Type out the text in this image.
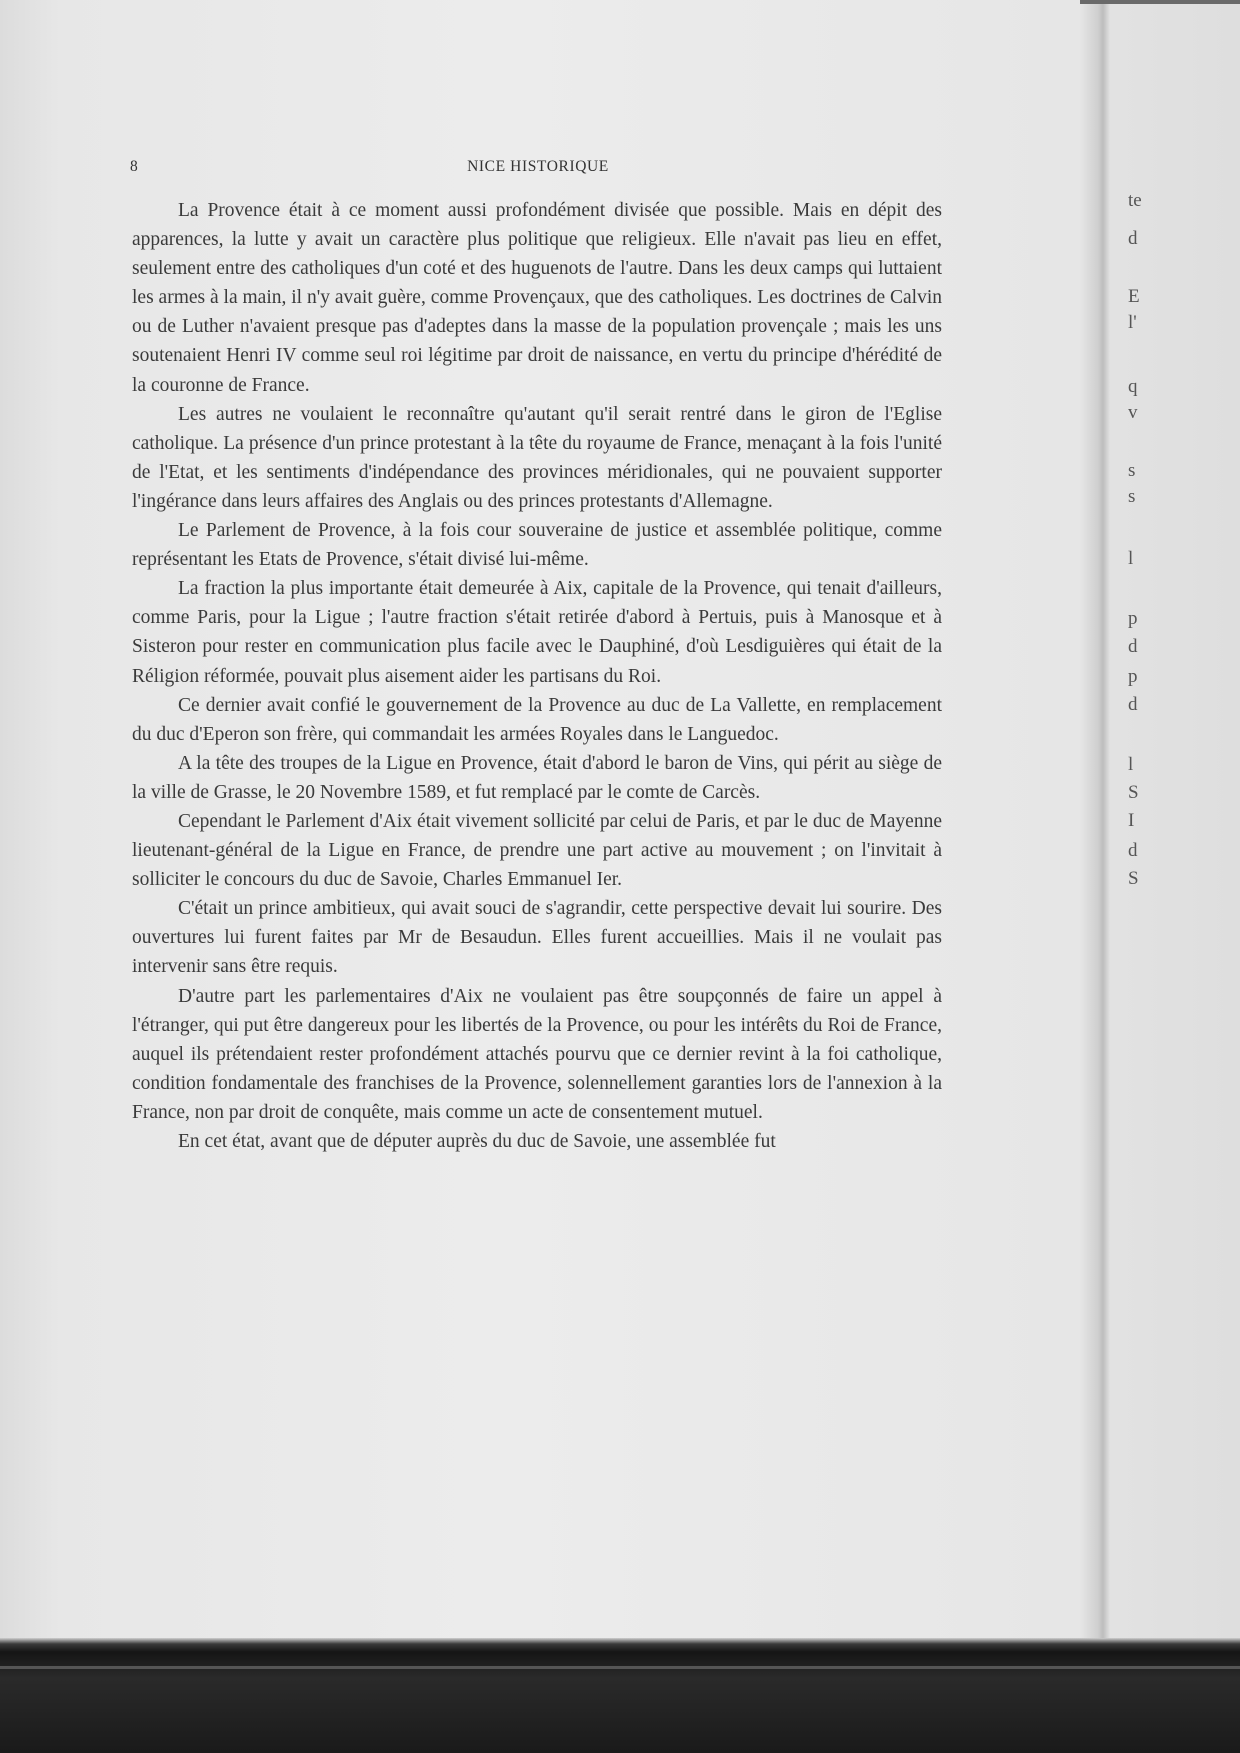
8	NICE HISTORIQUE

La Provence était à ce moment aussi profondément divisée que possible. Mais en dépit des apparences, la lutte y avait un caractère plus politique que religieux. Elle n'avait pas lieu en effet, seulement entre des catholiques d'un coté et des huguenots de l'autre. Dans les deux camps qui luttaient les armes à la main, il n'y avait guère, comme Provençaux, que des catholiques. Les doctrines de Calvin ou de Luther n'avaient presque pas d'adeptes dans la masse de la population provençale ; mais les uns soutenaient Henri IV comme seul roi légitime par droit de naissance, en vertu du principe d'hérédité de la couronne de France.

Les autres ne voulaient le reconnaître qu'autant qu'il serait rentré dans le giron de l'Eglise catholique. La présence d'un prince protestant à la tête du royaume de France, menaçant à la fois l'unité de l'Etat, et les sentiments d'indépendance des provinces méridionales, qui ne pouvaient supporter l'ingérance dans leurs affaires des Anglais ou des princes protestants d'Allemagne.

Le Parlement de Provence, à la fois cour souveraine de justice et assemblée politique, comme représentant les Etats de Provence, s'était divisé lui-même.

La fraction la plus importante était demeurée à Aix, capitale de la Provence, qui tenait d'ailleurs, comme Paris, pour la Ligue ; l'autre fraction s'était retirée d'abord à Pertuis, puis à Manosque et à Sisteron pour rester en communication plus facile avec le Dauphiné, d'où Lesdiguières qui était de la Réligion réformée, pouvait plus aisement aider les partisans du Roi.

Ce dernier avait confié le gouvernement de la Provence au duc de La Vallette, en remplacement du duc d'Eperon son frère, qui commandait les armées Royales dans le Languedoc.

A la tête des troupes de la Ligue en Provence, était d'abord le baron de Vins, qui périt au siège de la ville de Grasse, le 20 Novembre 1589, et fut remplacé par le comte de Carcès.

Cependant le Parlement d'Aix était vivement sollicité par celui de Paris, et par le duc de Mayenne lieutenant-général de la Ligue en France, de prendre une part active au mouvement ; on l'invitait à solliciter le concours du duc de Savoie, Charles Emmanuel Ier.

C'était un prince ambitieux, qui avait souci de s'agrandir, cette perspective devait lui sourire. Des ouvertures lui furent faites par Mr de Besaudun. Elles furent accueillies. Mais il ne voulait pas intervenir sans être requis.

D'autre part les parlementaires d'Aix ne voulaient pas être soupçonnés de faire un appel à l'étranger, qui put être dangereux pour les libertés de la Provence, ou pour les intérêts du Roi de France, auquel ils prétendaient rester profondément attachés pourvu que ce dernier revint à la foi catholique, condition fondamentale des franchises de la Provence, solennellement garanties lors de l'annexion à la France, non par droit de conquête, mais comme un acte de consentement mutuel.

En cet état, avant que de députer auprès du duc de Savoie, une assemblée fut

te
d
E
l'
q
v
s
s
l
p
d
p
d
l
S
I
d
S
